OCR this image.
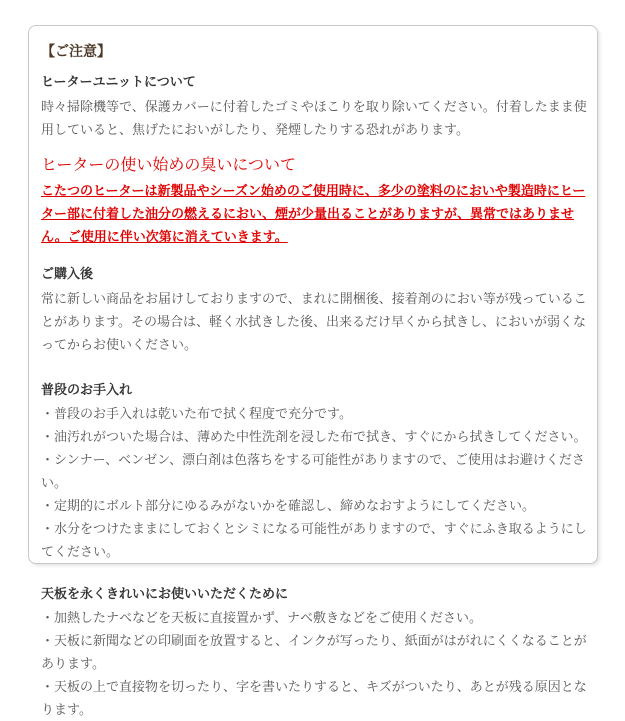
【ご注意】
ヒーターユニットについて
時々掃除機等で、保護カバーに付着したゴミやほこりを取り除いてください。付着したまま使用していると、焦げたにおいがしたり、発煙したりする恐れがあります。
ヒーターの使い始めの臭いについて
こたつのヒーターは新製品やシーズン始めのご使用時に、多少の塗料のにおいや製造時にヒーター部に付着した油分の燃えるにおい、煙が少量出ることがありますが、異常ではありません。ご使用に伴い次第に消えていきます。
ご購入後
常に新しい商品をお届けしておりますので、まれに開梱後、接着剤のにおい等が残っていることがあります。その場合は、軽く水拭きした後、出来るだけ早くから拭きし、においが弱くなってからお使いください。
普段のお手入れ
・普段のお手入れは乾いた布で拭く程度で充分です。
・油汚れがついた場合は、薄めた中性洗剤を浸した布で拭き、すぐにから拭きしてください。
・シンナー、ベンゼン、漂白剤は色落ちをする可能性がありますので、ご使用はお避けください。
・定期的にボルト部分にゆるみがないかを確認し、締めなおすようにしてください。
・水分をつけたままにしておくとシミになる可能性がありますので、すぐにふき取るようにしてください。
天板を永くきれいにお使いいただくために
・加熱したナベなどを天板に直接置かず、ナベ敷きなどをご使用ください。
・天板に新聞などの印刷面を放置すると、インクが写ったり、紙面がはがれにくくなることがあります。
・天板の上で直接物を切ったり、字を書いたりすると、キズがついたり、あとが残る原因となります。
